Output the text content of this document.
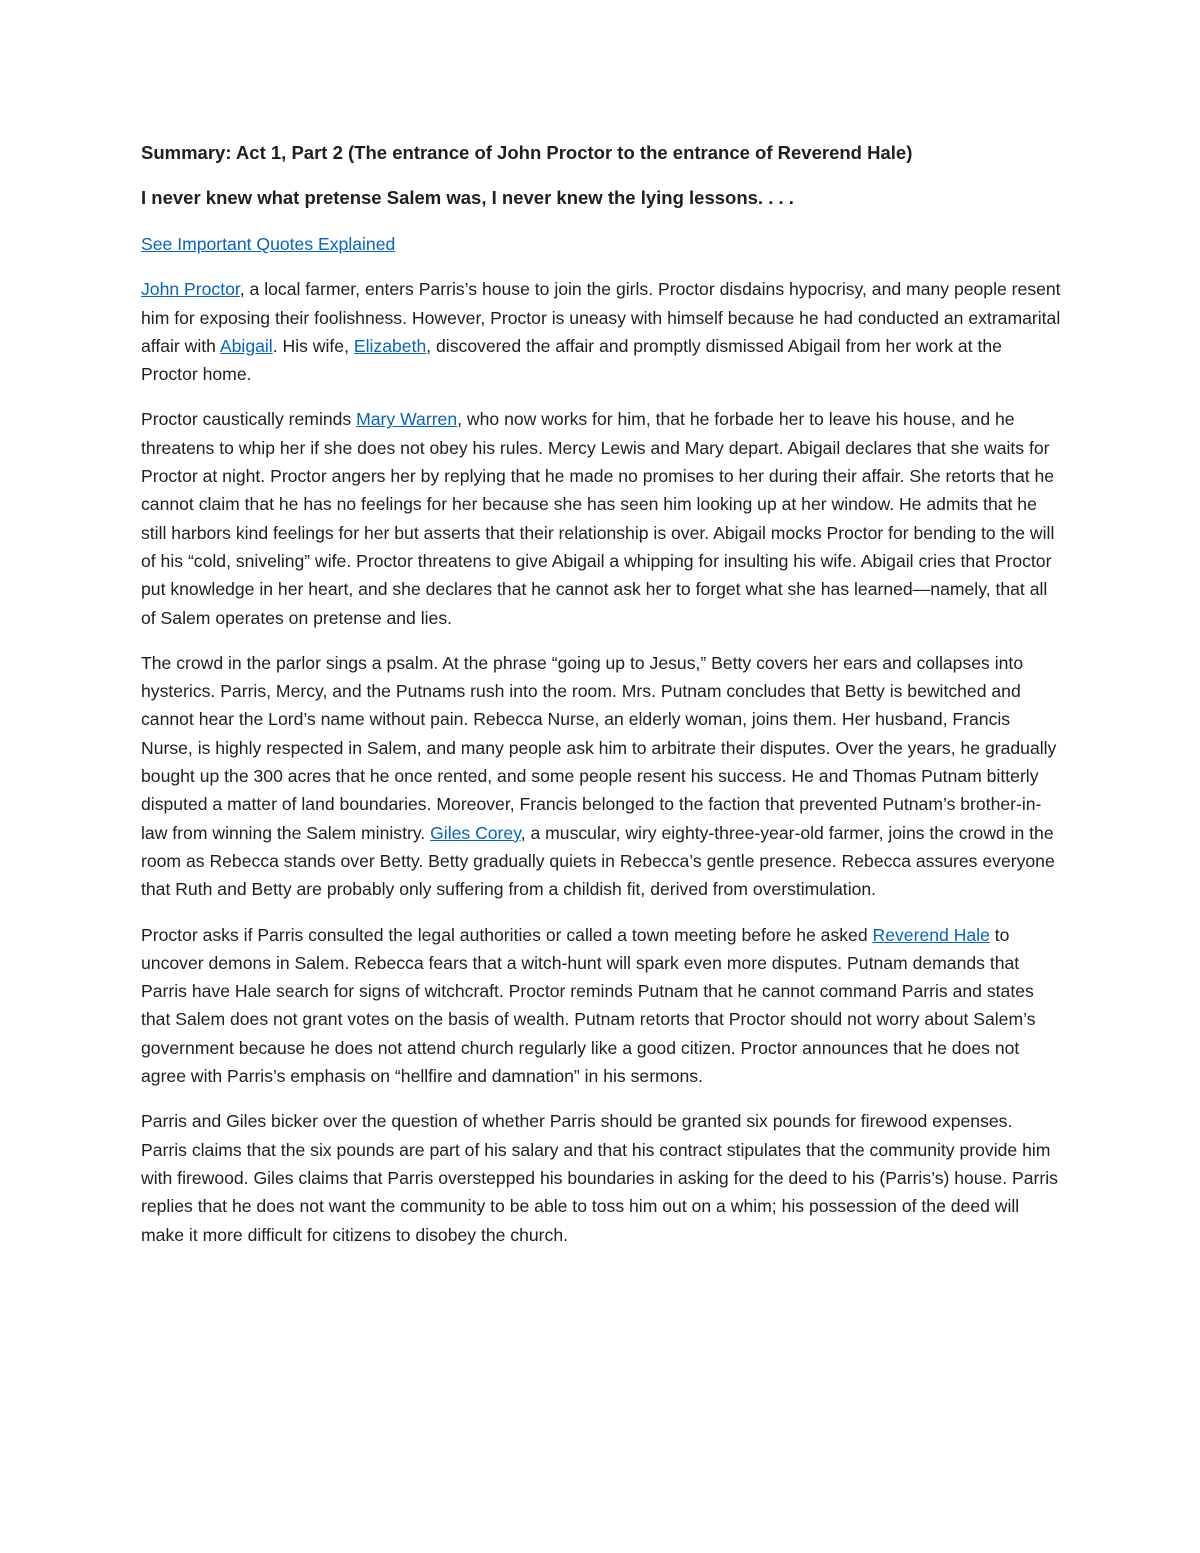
Summary: Act 1, Part 2 (The entrance of John Proctor to the entrance of Reverend Hale)
I never knew what pretense Salem was, I never knew the lying lessons. . . .
See Important Quotes Explained

John Proctor, a local farmer, enters Parris’s house to join the girls. Proctor disdains hypocrisy, and many people resent him for exposing their foolishness. However, Proctor is uneasy with himself because he had conducted an extramarital affair with Abigail. His wife, Elizabeth, discovered the affair and promptly dismissed Abigail from her work at the Proctor home.

Proctor caustically reminds Mary Warren, who now works for him, that he forbade her to leave his house, and he threatens to whip her if she does not obey his rules. Mercy Lewis and Mary depart. Abigail declares that she waits for Proctor at night. Proctor angers her by replying that he made no promises to her during their affair. She retorts that he cannot claim that he has no feelings for her because she has seen him looking up at her window. He admits that he still harbors kind feelings for her but asserts that their relationship is over. Abigail mocks Proctor for bending to the will of his “cold, sniveling” wife. Proctor threatens to give Abigail a whipping for insulting his wife. Abigail cries that Proctor put knowledge in her heart, and she declares that he cannot ask her to forget what she has learned—namely, that all of Salem operates on pretense and lies.

The crowd in the parlor sings a psalm. At the phrase “going up to Jesus,” Betty covers her ears and collapses into hysterics. Parris, Mercy, and the Putnams rush into the room. Mrs. Putnam concludes that Betty is bewitched and cannot hear the Lord’s name without pain. Rebecca Nurse, an elderly woman, joins them. Her husband, Francis Nurse, is highly respected in Salem, and many people ask him to arbitrate their disputes. Over the years, he gradually bought up the 300 acres that he once rented, and some people resent his success. He and Thomas Putnam bitterly disputed a matter of land boundaries. Moreover, Francis belonged to the faction that prevented Putnam’s brother-in-law from winning the Salem ministry. Giles Corey, a muscular, wiry eighty-three-year-old farmer, joins the crowd in the room as Rebecca stands over Betty. Betty gradually quiets in Rebecca’s gentle presence. Rebecca assures everyone that Ruth and Betty are probably only suffering from a childish fit, derived from overstimulation.

Proctor asks if Parris consulted the legal authorities or called a town meeting before he asked Reverend Hale to uncover demons in Salem. Rebecca fears that a witch-hunt will spark even more disputes. Putnam demands that Parris have Hale search for signs of witchcraft. Proctor reminds Putnam that he cannot command Parris and states that Salem does not grant votes on the basis of wealth. Putnam retorts that Proctor should not worry about Salem’s government because he does not attend church regularly like a good citizen. Proctor announces that he does not agree with Parris’s emphasis on “hellfire and damnation” in his sermons.

Parris and Giles bicker over the question of whether Parris should be granted six pounds for firewood expenses. Parris claims that the six pounds are part of his salary and that his contract stipulates that the community provide him with firewood. Giles claims that Parris overstepped his boundaries in asking for the deed to his (Parris’s) house. Parris replies that he does not want the community to be able to toss him out on a whim; his possession of the deed will make it more difficult for citizens to disobey the church.
